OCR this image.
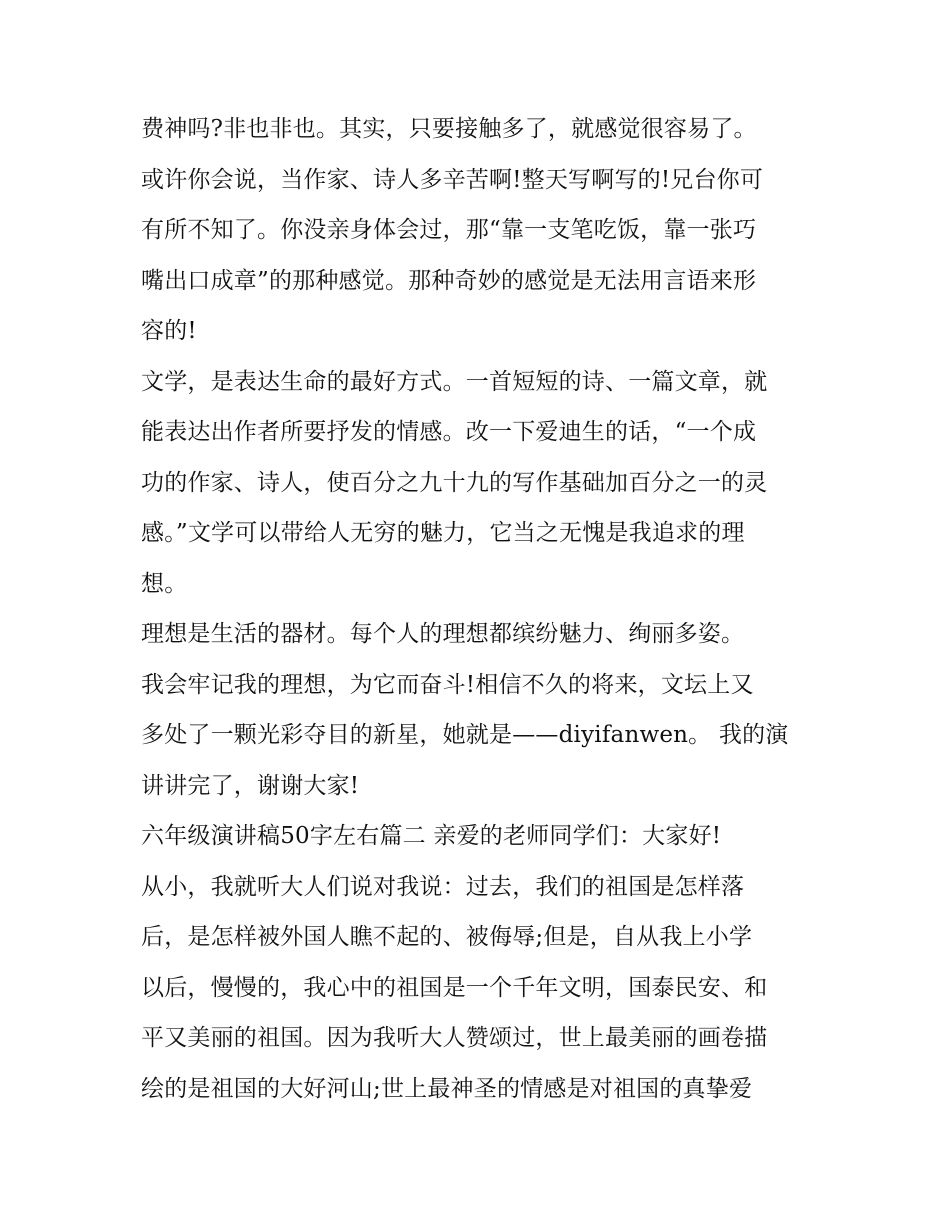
费神吗?非也非也。其实，只要接触多了，就感觉很容易了。
或许你会说，当作家、诗人多辛苦啊!整天写啊写的!兄台你可
有所不知了。你没亲身体会过，那“靠一支笔吃饭，靠一张巧
嘴出口成章”的那种感觉。那种奇妙的感觉是无法用言语来形
容的!
文学，是表达生命的最好方式。一首短短的诗、一篇文章，就
能表达出作者所要抒发的情感。改一下爱迪生的话，“一个成
功的作家、诗人，使百分之九十九的写作基础加百分之一的灵
感。”文学可以带给人无穷的魅力，它当之无愧是我追求的理
想。
理想是生活的器材。每个人的理想都缤纷魅力、绚丽多姿。
我会牢记我的理想，为它而奋斗!相信不久的将来，文坛上又
多处了一颗光彩夺目的新星，她就是——diyifanwen。 我的演
讲讲完了，谢谢大家!
六年级演讲稿50字左右篇二 亲爱的老师同学们：大家好!
从小，我就听大人们说对我说：过去，我们的祖国是怎样落
后，是怎样被外国人瞧不起的、被侮辱;但是，自从我上小学
以后，慢慢的，我心中的祖国是一个千年文明，国泰民安、和
平又美丽的祖国。因为我听大人赞颂过，世上最美丽的画卷描
绘的是祖国的大好河山;世上最神圣的情感是对祖国的真挚爱
